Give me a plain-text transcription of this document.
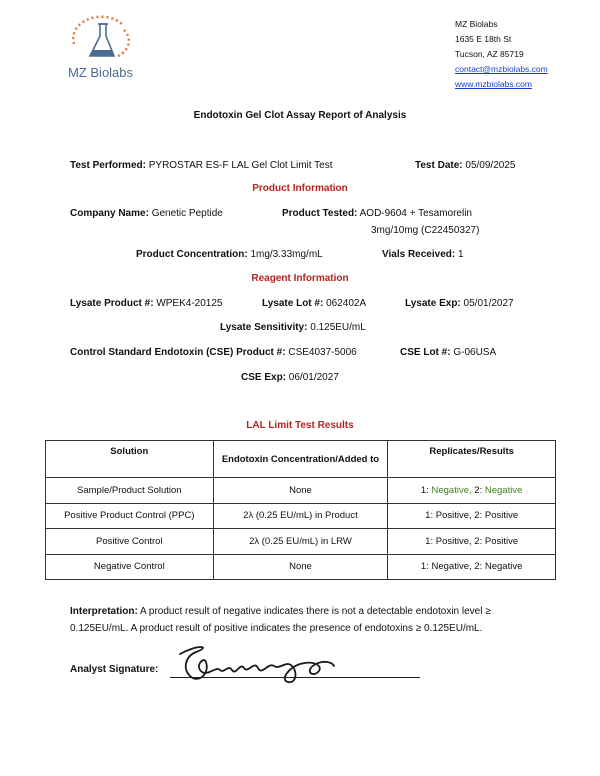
MZ Biolabs
MZ Biolabs
1635 E 18th St
Tucson, AZ 85719
contact@mzbiolabs.com
www.mzbiolabs.com
Endotoxin Gel Clot Assay Report of Analysis
Test Performed: PYROSTAR ES-F LAL Gel Clot Limit Test	Test Date: 05/09/2025
Product Information
Company Name: Genetic Peptide	Product Tested: AOD-9604 + Tesamorelin
3mg/10mg (C22450327)
Product Concentration: 1mg/3.33mg/mL	Vials Received: 1
Reagent Information
Lysate Product #: WPEK4-20125	Lysate Lot #: 062402A	Lysate Exp: 05/01/2027
Lysate Sensitivity: 0.125EU/mL
Control Standard Endotoxin (CSE) Product #: CSE4037-5006	CSE Lot #: G-06USA
CSE Exp: 06/01/2027
LAL Limit Test Results
Solution	Endotoxin Concentration/Added to	Replicates/Results
Sample/Product Solution	None	1: Negative, 2: Negative
Positive Product Control (PPC)	2λ (0.25 EU/mL) in Product	1: Positive, 2: Positive
Positive Control	2λ (0.25 EU/mL) in LRW	1: Positive, 2: Positive
Negative Control	None	1: Negative, 2: Negative
Interpretation: A product result of negative indicates there is not a detectable endotoxin level ≥ 0.125EU/mL. A product result of positive indicates the presence of endotoxins ≥ 0.125EU/mL.
Analyst Signature:
